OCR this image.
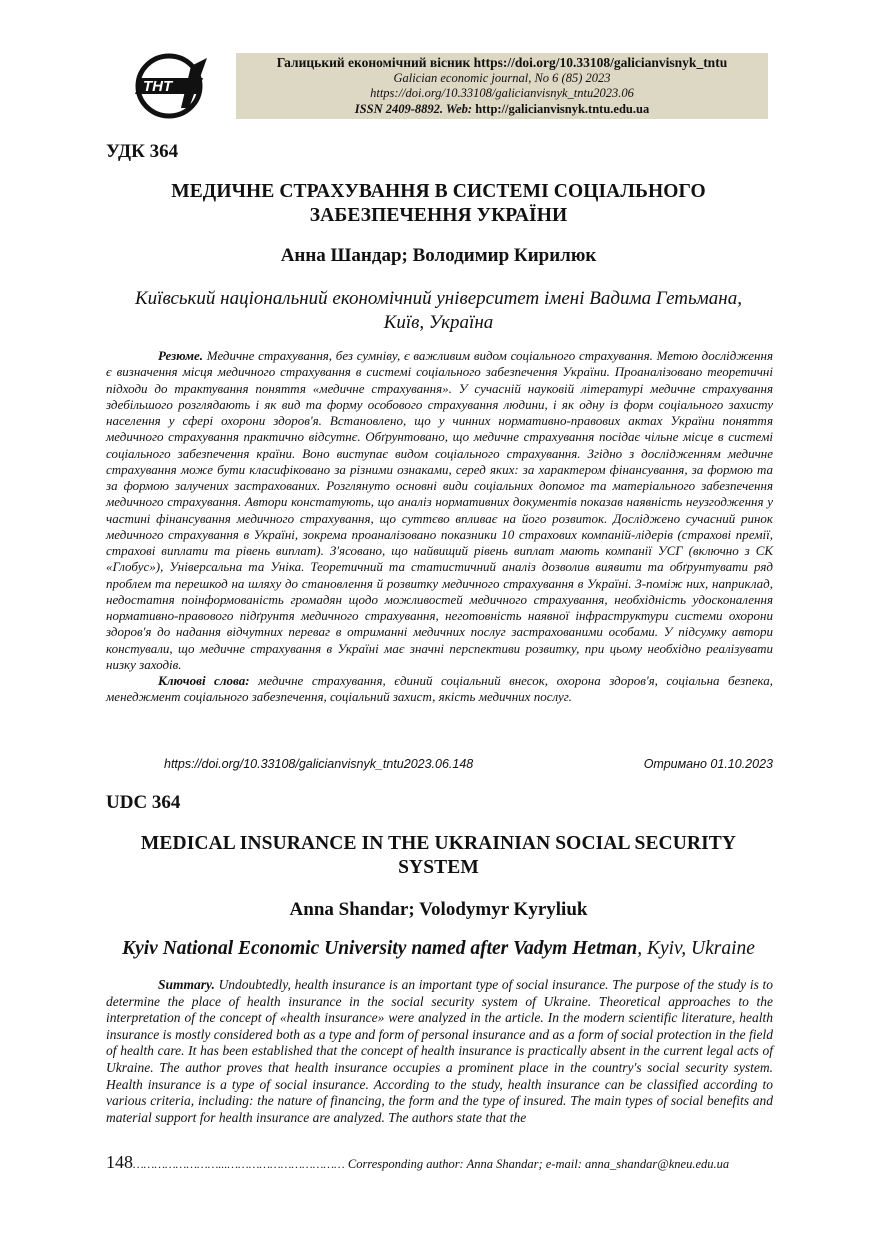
THT
Галицький економічний вісник https://doi.org/10.33108/galicianvisnyk_tntu
Galician economic journal, No 6 (85) 2023
https://doi.org/10.33108/galicianvisnyk_tntu2023.06
ISSN 2409-8892. Web: http://galicianvisnyk.tntu.edu.ua
УДК 364
МЕДИЧНЕ СТРАХУВАННЯ В СИСТЕМІ СОЦІАЛЬНОГО
ЗАБЕЗПЕЧЕННЯ УКРАЇНИ
Анна Шандар; Володимир Кирилюк
Київський національний економічний університет імені Вадима Гетьмана,
Київ, Україна

Резюме. Медичне страхування, без сумніву, є важливим видом соціального страхування. Метою дослідження є визначення місця медичного страхування в системі соціального забезпечення України. Проаналізовано теоретичні підходи до трактування поняття «медичне страхування». У сучасній науковій літературі медичне страхування здебільшого розглядають і як вид та форму особового страхування людини, і як одну із форм соціального захисту населення у сфері охорони здоров'я. Встановлено, що у чинних нормативно-правових актах України поняття медичного страхування практично відсутнє. Обґрунтовано, що медичне страхування посідає чільне місце в системі соціального забезпечення країни. Воно виступає видом соціального страхування. Згідно з дослідженням медичне страхування може бути класифіковано за різними ознаками, серед яких: за характером фінансування, за формою та за формою залучених застрахованих. Розглянуто основні види соціальних допомог та матеріального забезпечення медичного страхування. Автори констатують, що аналіз нормативних документів показав наявність неузгодження у частині фінансування медичного страхування, що суттєво впливає на його розвиток. Досліджено сучасний ринок медичного страхування в Україні, зокрема проаналізовано показники 10 страхових компаній-лідерів (страхові премії, страхові виплати та рівень виплат). З'ясовано, що найвищий рівень виплат мають компанії УСГ (включно з СК «Глобус»), Універсальна та Уніка. Теоретичний та статистичний аналіз дозволив виявити та обґрунтувати ряд проблем та перешкод на шляху до становлення й розвитку медичного страхування в Україні. З-поміж них, наприклад, недостатня поінформованість громадян щодо можливостей медичного страхування, необхідність удосконалення нормативно-правового підґрунтя медичного страхування, неготовність наявної інфраструктури системи охорони здоров'я до надання відчутних переваг в отриманні медичних послуг застрахованими особами. У підсумку автори констували, що медичне страхування в Україні має значні перспективи розвитку, при цьому необхідно реалізувати низку заходів.

Ключові слова: медичне страхування, єдиний соціальний внесок, охорона здоров'я, соціальна безпека, менеджмент соціального забезпечення, соціальний захист, якість медичних послуг.

https://doi.org/10.33108/galicianvisnyk_tntu2023.06.148	Отримано 01.10.2023
UDC 364
MEDICAL INSURANCE IN THE UKRAINIAN SOCIAL SECURITY
SYSTEM
Anna Shandar; Volodymyr Kyryliuk
Kyiv National Economic University named after Vadym Hetman, Kyiv, Ukraine

Summary. Undoubtedly, health insurance is an important type of social insurance. The purpose of the study is to determine the place of health insurance in the social security system of Ukraine. Theoretical approaches to the interpretation of the concept of «health insurance» were analyzed in the article. In the modern scientific literature, health insurance is mostly considered both as a type and form of personal insurance and as a form of social protection in the field of health care. It has been established that the concept of health insurance is practically absent in the current legal acts of Ukraine. The author proves that health insurance occupies a prominent place in the country's social security system. Health insurance is a type of social insurance. According to the study, health insurance can be classified according to various criteria, including: the nature of financing, the form and the type of insured. The main types of social benefits and material support for health insurance are analyzed. The authors state that the

148……………………...…………………………… Corresponding author: Anna Shandar; e-mail: anna_shandar@kneu.edu.ua
